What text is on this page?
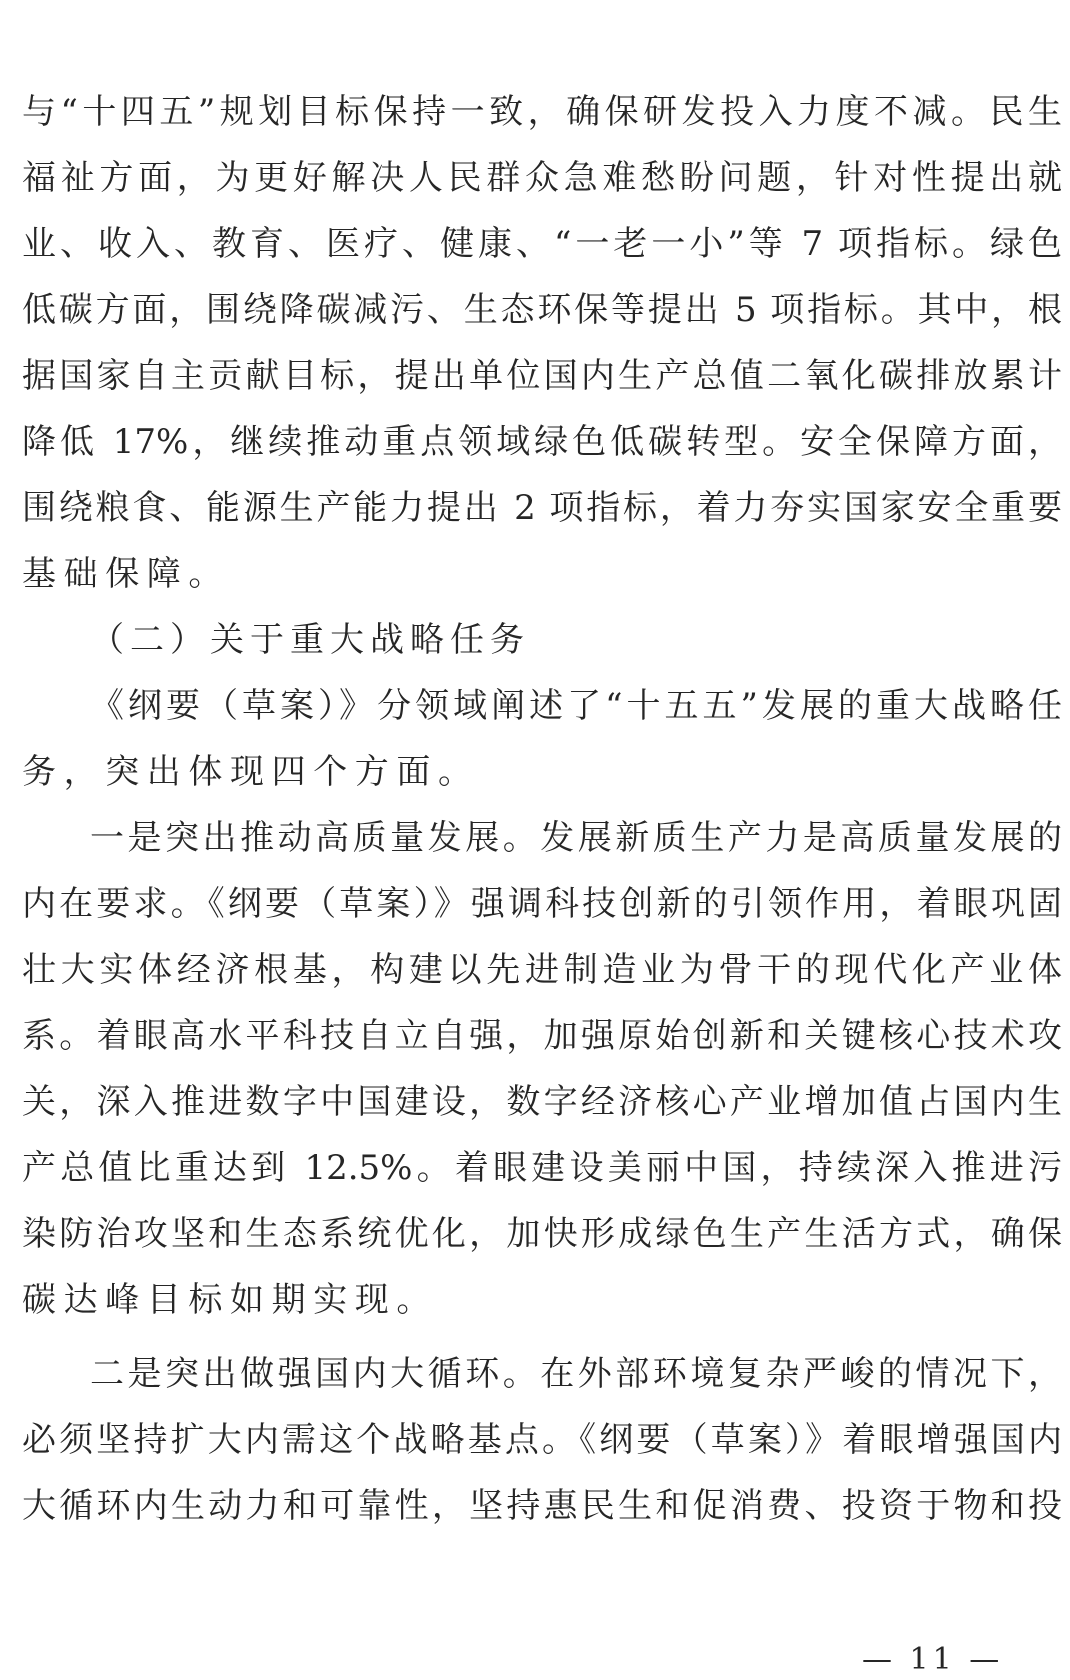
与“十四五”规划目标保持一致，确保研发投入力度不减。民生
福祉方面，为更好解决人民群众急难愁盼问题，针对性提出就
业、收入、教育、医疗、健康、“一老一小”等 7 项指标。绿色
低碳方面，围绕降碳减污、生态环保等提出 5 项指标。其中，根
据国家自主贡献目标，提出单位国内生产总值二氧化碳排放累计
降低 17%，继续推动重点领域绿色低碳转型。安全保障方面，
围绕粮食、能源生产能力提出 2 项指标，着力夯实国家安全重要
基础保障。
（二）关于重大战略任务
《纲要（草案）》分领域阐述了“十五五”发展的重大战略任
务，突出体现四个方面。
一是突出推动高质量发展。发展新质生产力是高质量发展的
内在要求。《纲要（草案）》强调科技创新的引领作用，着眼巩固
壮大实体经济根基，构建以先进制造业为骨干的现代化产业体
系。着眼高水平科技自立自强，加强原始创新和关键核心技术攻
关，深入推进数字中国建设，数字经济核心产业增加值占国内生
产总值比重达到 12.5%。着眼建设美丽中国，持续深入推进污
染防治攻坚和生态系统优化，加快形成绿色生产生活方式，确保
碳达峰目标如期实现。
二是突出做强国内大循环。在外部环境复杂严峻的情况下，
必须坚持扩大内需这个战略基点。《纲要（草案）》着眼增强国内
大循环内生动力和可靠性，坚持惠民生和促消费、投资于物和投
— 11 —
